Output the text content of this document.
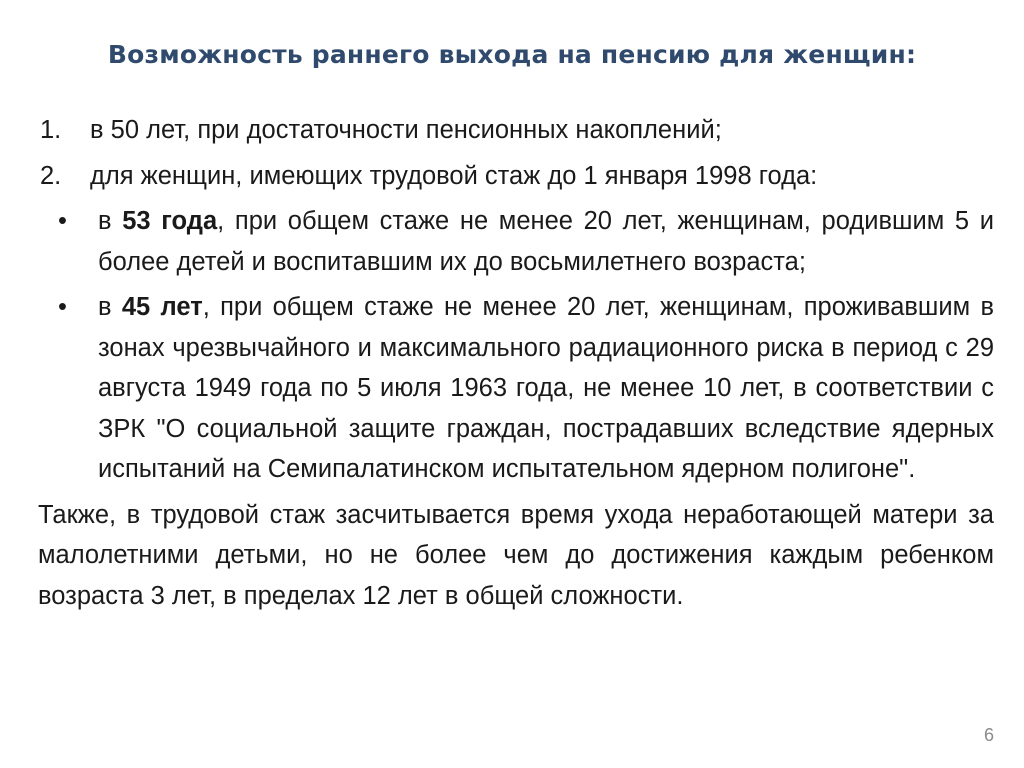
Возможность раннего выхода на пенсию для женщин:
1. в 50 лет, при достаточности пенсионных накоплений;
2. для женщин, имеющих трудовой стаж до 1 января 1998 года:
• в 53 года, при общем стаже не менее 20 лет, женщинам, родившим 5 и более детей и воспитавшим их до восьмилетнего возраста;
• в 45 лет, при общем стаже не менее 20 лет, женщинам, проживавшим в зонах чрезвычайного и максимального радиационного риска в период с 29 августа 1949 года по 5 июля 1963 года, не менее 10 лет, в соответствии с ЗРК "О социальной защите граждан, пострадавших вследствие ядерных испытаний на Семипалатинском испытательном ядерном полигоне".
Также, в трудовой стаж засчитывается время ухода неработающей матери за малолетними детьми, но не более чем до достижения каждым ребенком возраста 3 лет, в пределах 12 лет в общей сложности.
6
